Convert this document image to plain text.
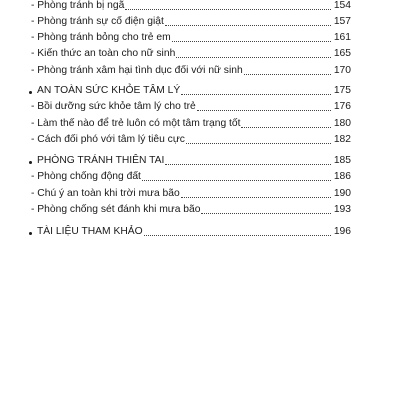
- Phòng tránh bị ngã	154
- Phòng tránh sự cố điện giật	157
- Phòng tránh bỏng cho trẻ em	161
- Kiến thức an toàn cho nữ sinh	165
- Phòng tránh xâm hại tình dục đối với nữ sinh	170
AN TOÀN SỨC KHỎE TÂM LÝ	175
- Bồi dưỡng sức khỏe tâm lý cho trẻ	176
- Làm thế nào để trẻ luôn có một tâm trạng tốt	180
- Cách đối phó với tâm lý tiêu cực	182
PHÒNG TRÁNH THIÊN TAI	185
- Phòng chống động đất	186
- Chú ý an toàn khi trời mưa bão	190
- Phòng chống sét đánh khi mưa bão	193
TÀI LIỆU THAM KHẢO	196
